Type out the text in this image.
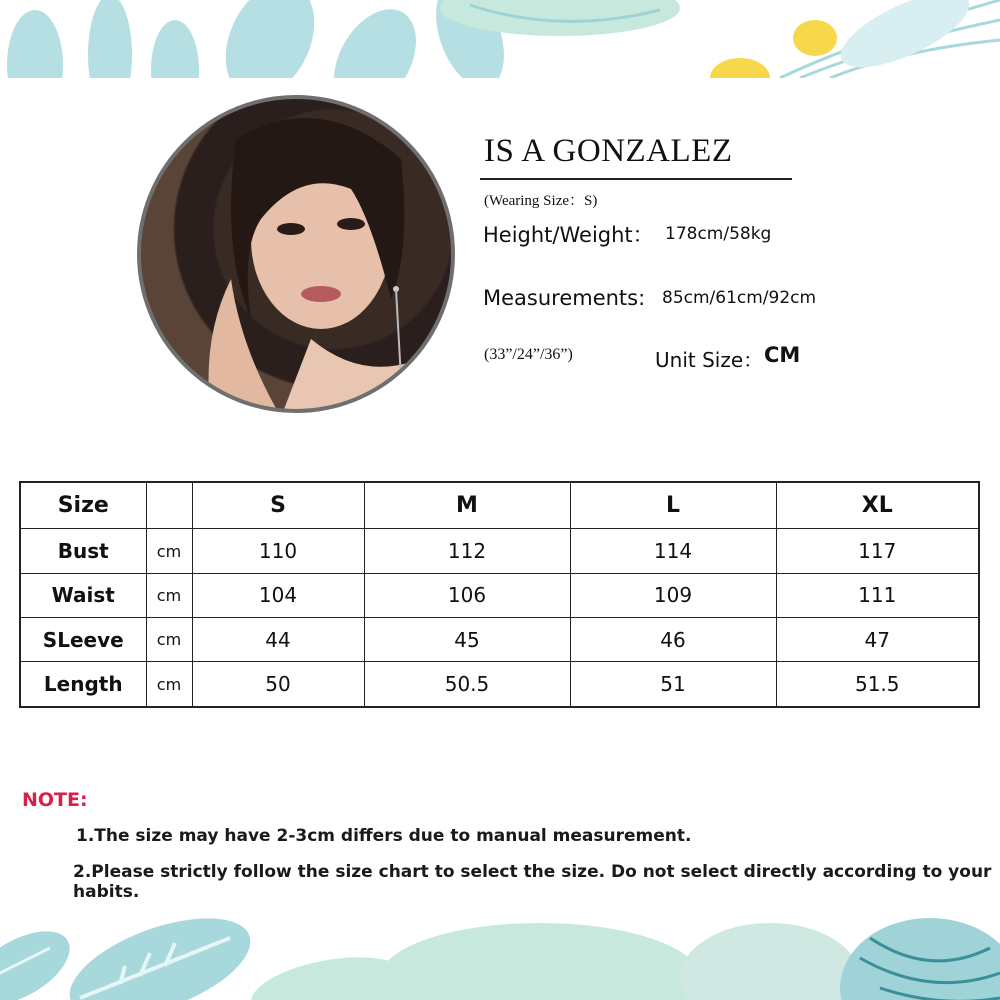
IS A GONZALEZ
(Wearing Size：S)
Height/Weight： 178cm/58kg
Measurements: 85cm/61cm/92cm
(33”/24”/36”)	Unit Size： CM
Size		S	M	L	XL
Bust	cm	110	112	114	117
Waist	cm	104	106	109	111
SLeeve	cm	44	45	46	47
Length	cm	50	50.5	51	51.5
NOTE:
1.The size may have 2-3cm differs due to manual measurement.
2.Please strictly follow the size chart to select the size. Do not select directly according to your habits.
